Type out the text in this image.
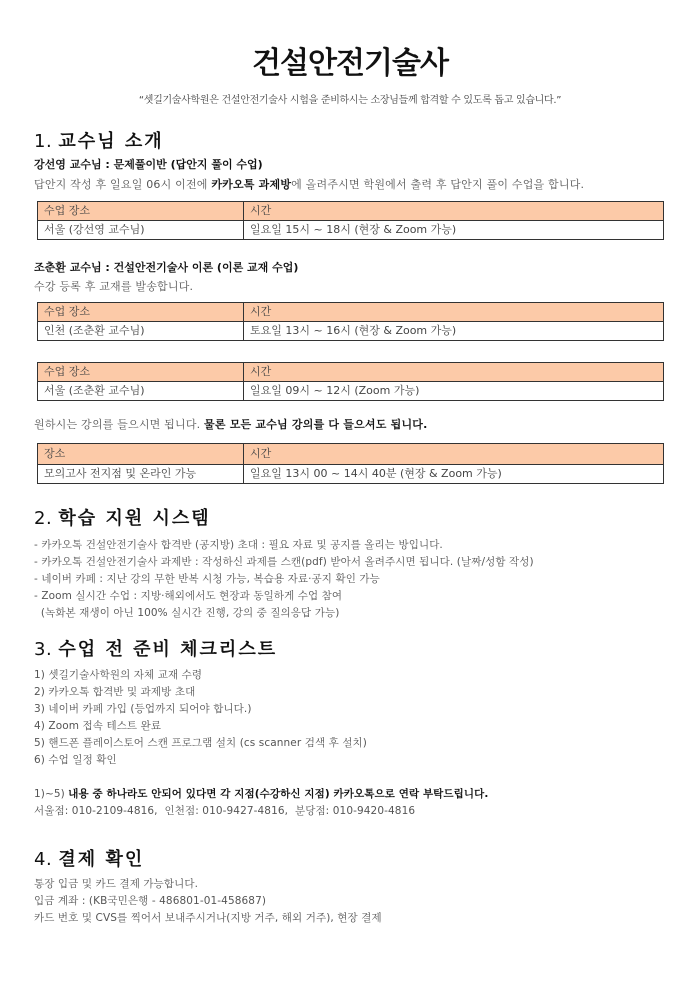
건설안전기술사
“셋길기술사학원은 건설안전기술사 시험을 준비하시는 소장님들께 합격할 수 있도록 돕고 있습니다.”
1. 교수님 소개
강선영 교수님 : 문제풀이반 (답안지 풀이 수업)
답안지 작성 후 일요일 06시 이전에 카카오톡 과제방에 올려주시면 학원에서 출력 후 답안지 풀이 수업을 합니다.
수업 장소	시간
서울 (강선영 교수님)	일요일 15시 ~ 18시 (현장 & Zoom 가능)
조춘환 교수님 : 건설안전기술사 이론 (이론 교재 수업)
수강 등록 후 교재를 발송합니다.
수업 장소	시간
인천 (조춘환 교수님)	토요일 13시 ~ 16시 (현장 & Zoom 가능)
수업 장소	시간
서울 (조춘환 교수님)	일요일 09시 ~ 12시 (Zoom 가능)
원하시는 강의를 들으시면 됩니다. 물론 모든 교수님 강의를 다 들으셔도 됩니다.
장소	시간
모의고사 전지점 및 온라인 가능	일요일 13시 00 ~ 14시 40분 (현장 & Zoom 가능)
2. 학습 지원 시스템
- 카카오톡 건설안전기술사 합격반 (공지방) 초대 : 필요 자료 및 공지를 올리는 방입니다.
- 카카오톡 건설안전기술사 과제반 : 작성하신 과제를 스캔(pdf) 받아서 올려주시면 됩니다. (날짜/성함 작성)
- 네이버 카페 : 지난 강의 무한 반복 시청 가능, 복습용 자료·공지 확인 가능
- Zoom 실시간 수업 : 지방·해외에서도 현장과 동일하게 수업 참여
(녹화본 재생이 아닌 100% 실시간 진행, 강의 중 질의응답 가능)
3. 수업 전 준비 체크리스트
1) 셋길기술사학원의 자체 교재 수령
2) 카카오톡 합격반 및 과제방 초대
3) 네이버 카페 가입 (등업까지 되어야 합니다.)
4) Zoom 접속 테스트 완료
5) 핸드폰 플레이스토어 스캔 프로그램 설치 (cs scanner 검색 후 설치)
6) 수업 일정 확인
1)~5) 내용 중 하나라도 안되어 있다면 각 지점(수강하신 지점) 카카오톡으로 연락 부탁드립니다.
서울점: 010-2109-4816,  인천점: 010-9427-4816,  분당점: 010-9420-4816
4. 결제 확인
통장 입금 및 카드 결제 가능합니다.
입금 계좌 : (KB국민은행 - 486801-01-458687)
카드 번호 및 CVS를 찍어서 보내주시거나(지방 거주, 해외 거주), 현장 결제
